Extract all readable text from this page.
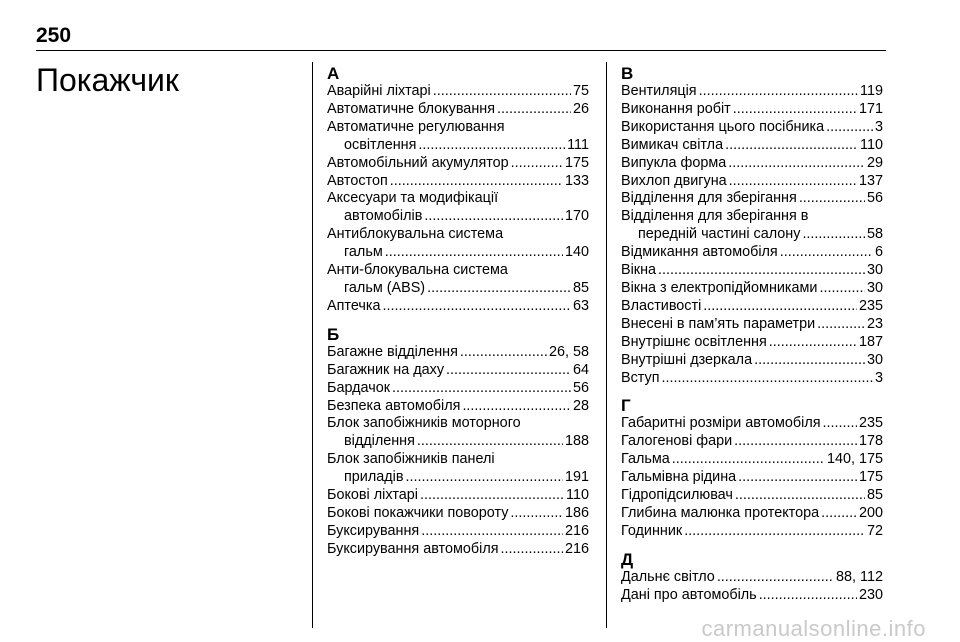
250
Покажчик	А
Аварійні ліхтарі .....	75
Автоматичне блокування .....	26
Автоматичне регулювання
освітлення .....	111
Автомобільний акумулятор .....	175
Автостоп .....	133
Аксесуари та модифікації
автомобілів .....	170
Антиблокувальна система
гальм .....	140
Анти-блокувальна система
гальм (ABS) .....	85
Аптечка .....	63
Б
Багажне відділення .....	26, 58
Багажник на даху .....	64
Бардачок .....	56
Безпека автомобіля .....	28
Блок запобіжників моторного
відділення .....	188
Блок запобіжників панелі
приладів .....	191
Бокові ліхтарі .....	110
Бокові покажчики повороту .....	186
Буксирування .....	216
Буксирування автомобіля .....	216
В
Вентиляція .....	119
Виконання робіт .....	171
Використання цього посібника .....	3
Вимикач світла .....	110
Випукла форма .....	29
Вихлоп двигуна .....	137
Відділення для зберігання .....	56
Відділення для зберігання в
передній частині салону .....	58
Відмикання автомобіля .....	6
Вікна .....	30
Вікна з електропідйомниками .....	30
Властивості .....	235
Внесені в пам’ять параметри .....	23
Внутрішнє освітлення .....	187
Внутрішні дзеркала .....	30
Вступ .....	3
Г
Габаритні розміри автомобіля .....	235
Галогенові фари .....	178
Гальма .....	140, 175
Гальмівна рідина .....	175
Гідропідсилювач .....	85
Глибина малюнка протектора .....	200
Годинник .....	72
Д
Дальнє світло .....	88, 112
Дані про автомобіль .....	230
carmanualsonline.info
